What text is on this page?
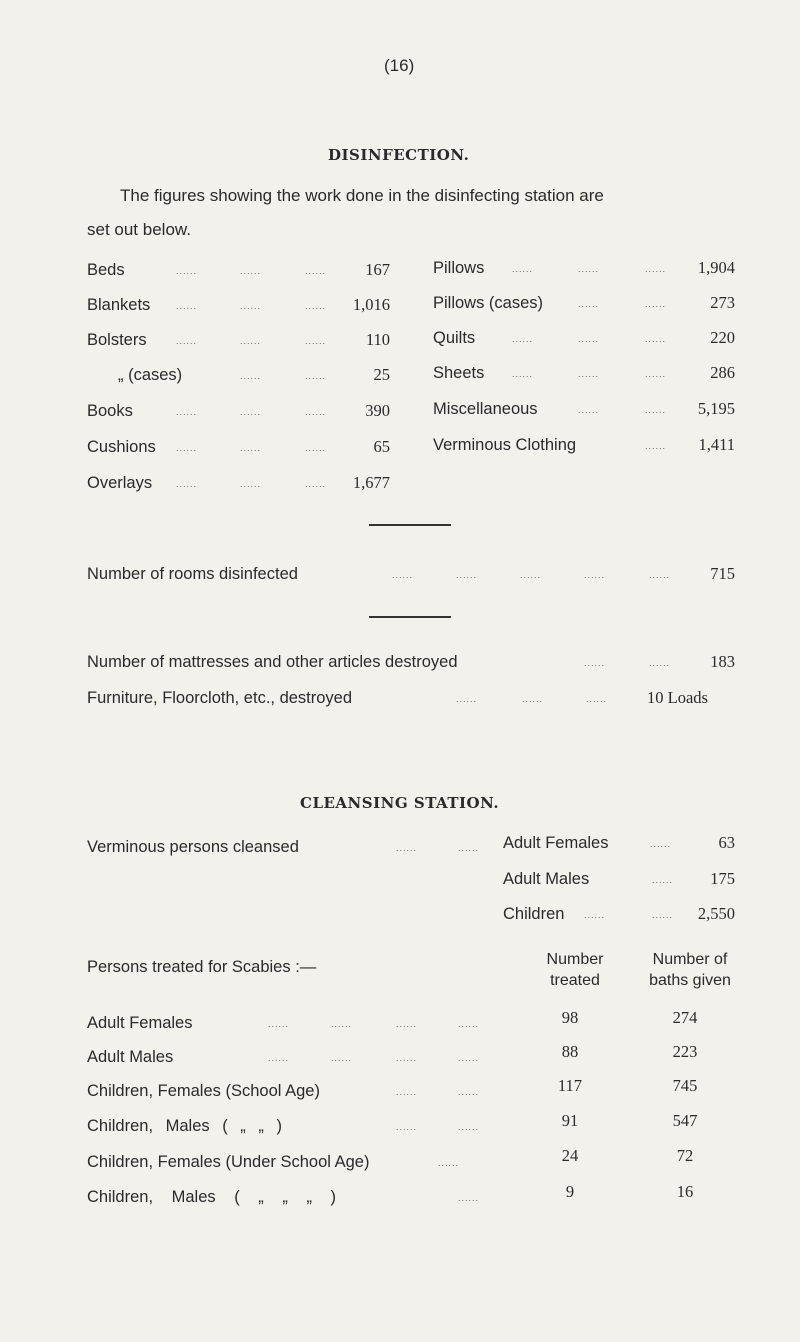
(16)
DISINFECTION.
The figures showing the work done in the disinfecting station are
set out below.
Beds	......	......	......	167
Blankets	......	......	......	1,016
Bolsters	......	......	......	110
„ (cases)	......	......	25
Books	......	......	......	390
Cushions ......	......	......	65
Overlays	......	......	......	1,677
Pillows	......	......	......	1,904
Pillows (cases)	......	......	273
Quilts	......	......	......	220
Sheets	......	......	......	286
Miscellaneous	......	......	5,195
Verminous Clothing	......	1,411
Number of rooms disinfected	......	......	......	......	......	715
Number of mattresses and other articles destroyed	......	......	183
Furniture, Floorcloth, etc., destroyed	......	......	...... 10 Loads
CLEANSING STATION.
Verminous persons cleansed	......	...... Adult Females	......	63
Adult Males	......	175
Children ......	......	2,550
Persons treated for Scabies :—	Number
treated
Number of
baths given
Adult Females	......	......	......	......	98	274
Adult Males	......	......	......	......	88	223
Children, Females (School Age)	......	......	117	745
Children, Males ( „ „ )	......	......	91	547
Children, Females (Under School Age)	......	24	72
Children, Males ( „ „ „ )	......	9	16
